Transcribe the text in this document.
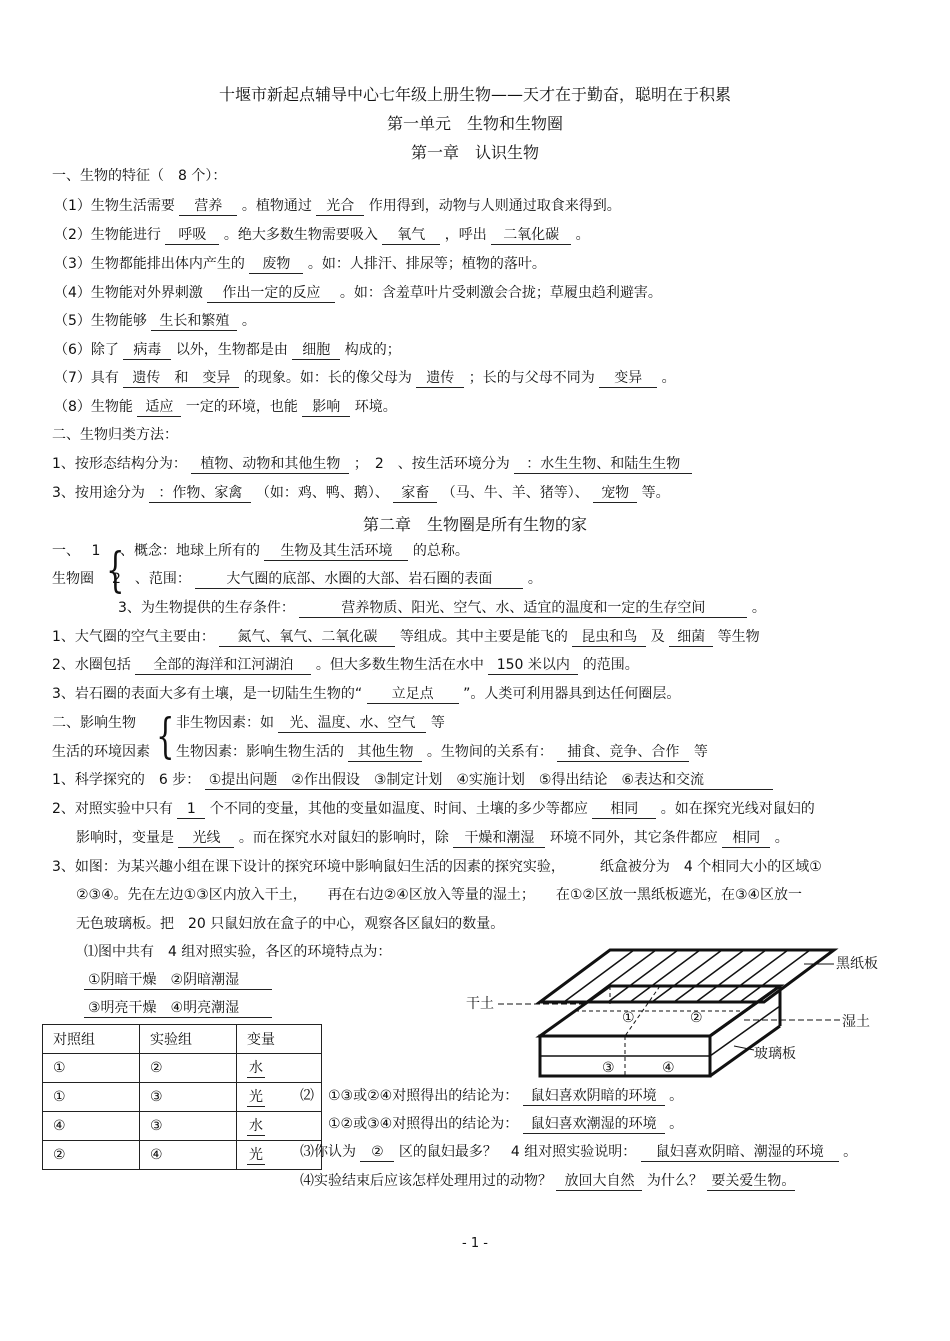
十堰市新起点辅导中心七年级上册生物——天才在于勤奋，聪明在于积累
第一单元　生物和生物圈
第一章　认识生物
一、生物的特征（　8 个）：
（1）生物生活需要 营养 。植物通过 光合 作用得到，动物与人则通过取食来得到。
（2）生物能进行 呼吸 。绝大多数生物需要吸入 氧气 ，呼出 二氧化碳 。
（3）生物都能排出体内产生的 废物 。如：人排汗、排尿等；植物的落叶。
（4）生物能对外界刺激 作出一定的反应 。如：含羞草叶片受刺激会合拢；草履虫趋利避害。
（5）生物能够 生长和繁殖 。
（6）除了 病毒 以外，生物都是由 细胞 构成的；
（7）具有 遗传　和　变异 的现象。如：长的像父母为 遗传 ；长的与父母不同为 变异 。
（8）生物能 适应 一定的环境，也能 影响 环境。
二、生物归类方法：
1、按形态结构分为： 植物、动物和其他生物 ；　2　、按生活环境分为 ：水生生物、和陆生生物
3、按用途分为 ：作物、家禽 （如：鸡、鸭、鹅）、 家畜 （马、牛、羊、猪等）、 宠物 等。
第二章　生物圈是所有生物的家
一、　 1
生物圈 {
、概念：地球上所有的 生物及其生活环境 的总称。
2　、范围：	大气圈的底部、水圈的大部、岩石圈的表面	。
3、为生物提供的生存条件：	营养物质、阳光、空气、水、适宜的温度和一定的生存空间	。
1、大气圈的空气主要由： 氮气、氧气、二氧化碳 等组成。其中主要是能飞的 昆虫和鸟 及 细菌 等生物
2、水圈包括 全部的海洋和江河湖泊 。但大多数生物生活在水中 150 米以内 的范围。
3、岩石圈的表面大多有土壤，是一切陆生生物的“ 立足点 ”。人类可利用器具到达任何圈层。
二、影响生物
生活的环境因素 { 非生物因素：如 光、温度、水、空气 等
生物因素：影响生物生活的 其他生物 。生物间的关系有： 捕食、竞争、合作 等
1、科学探究的　6 步： ①提出问题　②作出假设　③制定计划　④实施计划　⑤得出结论　⑥表达和交流
2、对照实验中只有 1 个不同的变量，其他的变量如温度、时间、土壤的多少等都应 相同 。如在探究光线对鼠妇的
影响时，变量是 光线 。而在探究水对鼠妇的影响时，除 干燥和潮湿 环境不同外，其它条件都应 相同 。
3、如图：为某兴趣小组在课下设计的探究环境中影响鼠妇生活的因素的探究实验，　　　纸盒被分为　4 个相同大小的区域①
②③④。先在左边①③区内放入干土，　　再在右边②④区放入等量的湿土；　　在①②区放一黑纸板遮光，在③④区放一
无色玻璃板。把　20 只鼠妇放在盒子的中心，观察各区鼠妇的数量。
⑴图中共有　4 组对照实验，各区的环境特点为：
①阴暗干燥　②阴暗潮湿
③明亮干燥　④明亮潮湿
对照组	实验组	变量
①	②	水
①	③	光
④	③	水
②	④	光
①	②
③	④
黑纸板
干土
湿土
玻璃板
⑵　①③或②④对照得出的结论为： 鼠妇喜欢阴暗的环境 。
①②或③④对照得出的结论为： 鼠妇喜欢潮湿的环境 。
⑶你认为 ② 区的鼠妇最多？　4 组对照实验说明： 鼠妇喜欢阴暗、潮湿的环境 。
⑷实验结束后应该怎样处理用过的动物？ 放回大自然 为什么？ 要关爱生物。
- 1 -
